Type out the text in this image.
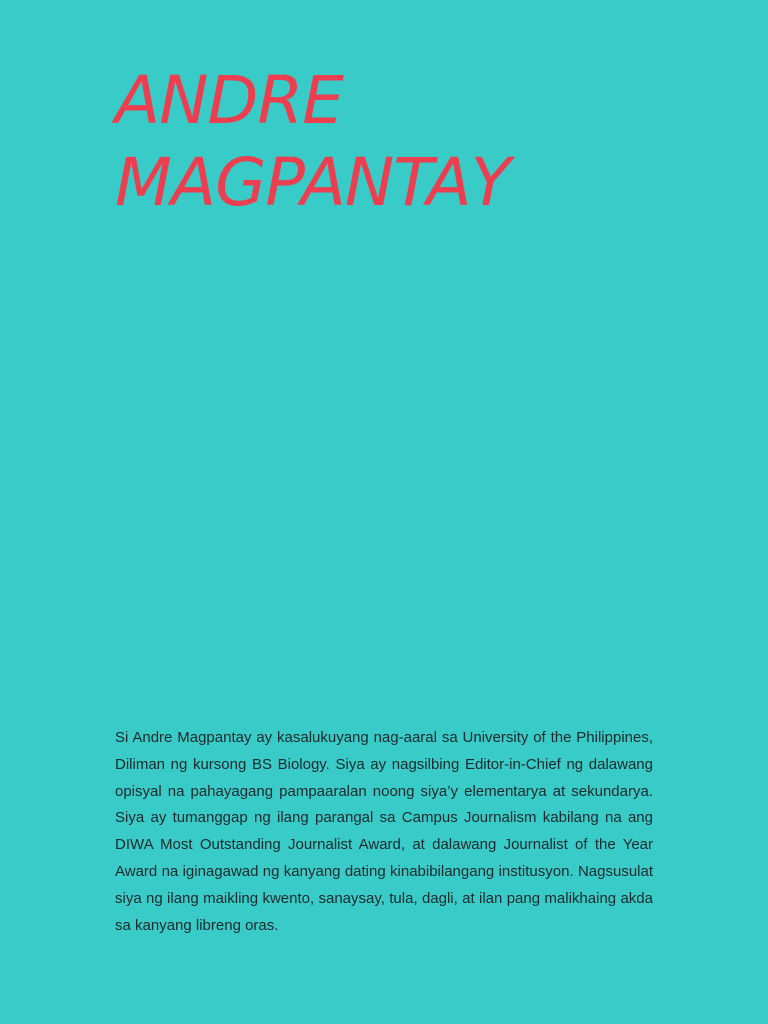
ANDRE
MAGPANTAY

Si Andre Magpantay ay kasalukuyang nag-aaral sa University of the Philippines, Diliman ng kursong BS Biology. Siya ay nagsilbing Editor-in-Chief ng dalawang opisyal na pahayagang pampaaralan noong siya’y elementarya at sekundarya. Siya ay tumanggap ng ilang parangal sa Campus Journalism kabilang na ang DIWA Most Outstanding Journalist Award, at dalawang Journalist of the Year Award na iginagawad ng kanyang dating kinabibilangang institusyon. Nagsusulat siya ng ilang maikling kwento, sanaysay, tula, dagli, at ilan pang malikhaing akda sa kanyang libreng oras.
